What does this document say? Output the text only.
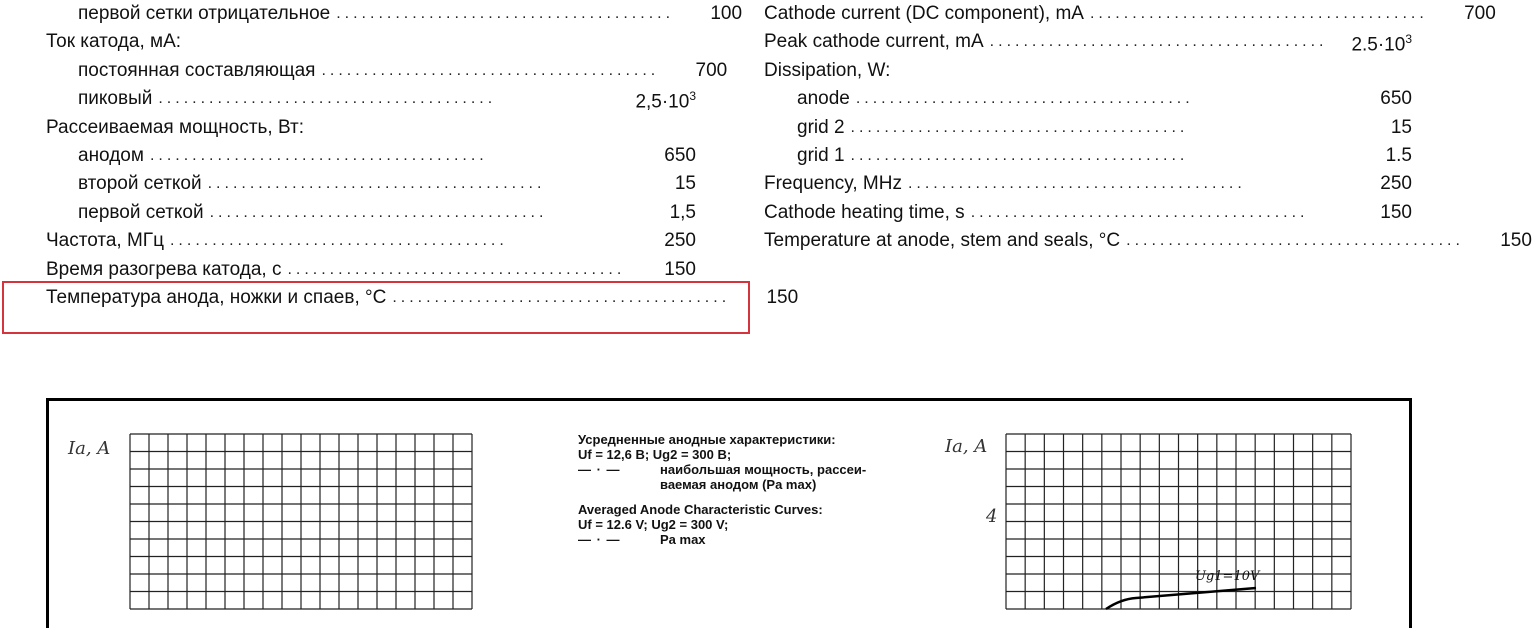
первой сетки отрицательное ........................................	100
Ток катода, мА:
постоянная составляющая ........................................	700
пиковый ........................................	$2,5\cdot 10^3$
Рассеиваемая мощность, Вт:
анодом ........................................	650
второй сеткой ........................................	15
первой сеткой ........................................	1,5
Частота, МГц ........................................	250
Время разогрева катода, с ........................................	150
Температура анода, ножки и спаев, °С ........................................	150
Cathode current (DC component), mA ........................................	700
Peak cathode current, mA ........................................	$2.5\cdot 10^3$
Dissipation, W:
anode ........................................	650
grid 2 ........................................	15
grid 1 ........................................	1.5
Frequency, MHz ........................................	250
Cathode heating time, s ........................................	150
Temperature at anode, stem and seals, °C ........................................	150
Ia, A	Усредненные анодные характеристики:
Uf = 12,6 В; Ug2 = 300 В;
— · —	наибольшая мощность, рассеи-
ваемая анодом (Pa max)
Averaged Anode Characteristic Curves:
Uf = 12.6 V; Ug2 = 300 V;
— · —	Pa max
Ia, A
4
Ug1=10V
